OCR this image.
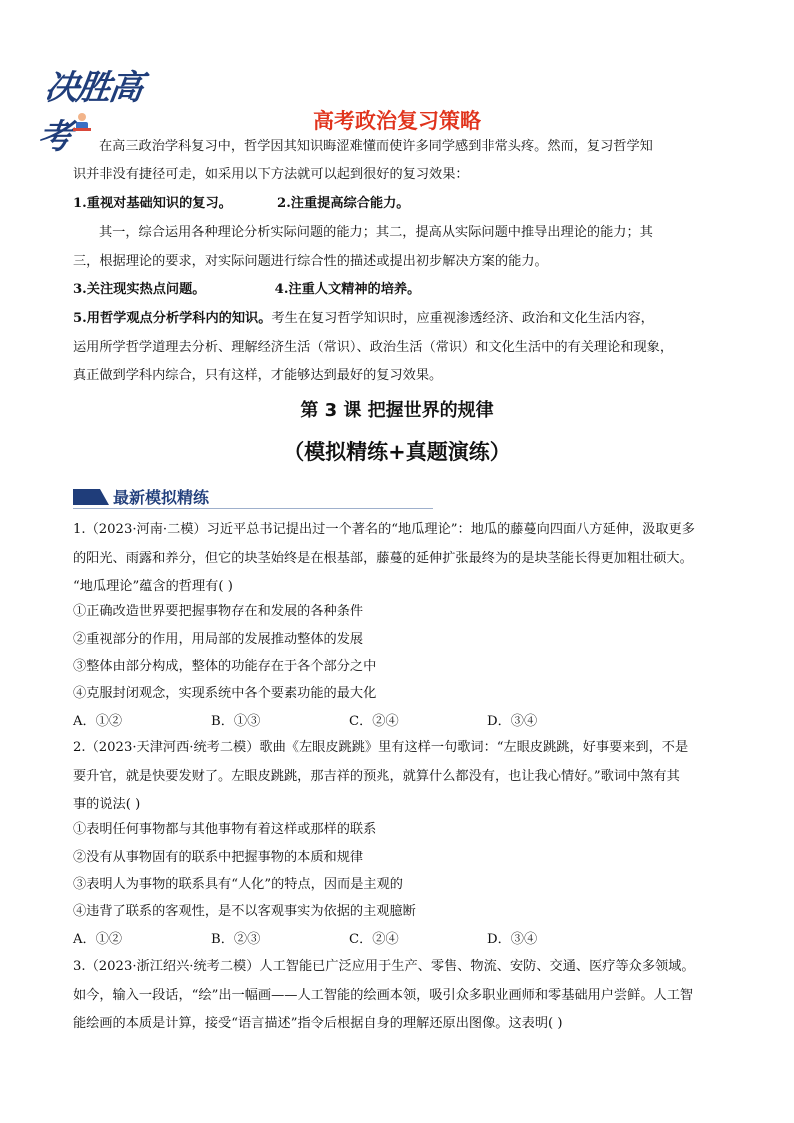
决胜高考	高考政治复习策略
在高三政治学科复习中，哲学因其知识晦涩难懂而使许多同学感到非常头疼。然而，复习哲学知
识并非没有捷径可走，如采用以下方法就可以起到很好的复习效果：
1.重视对基础知识的复习。	2.注重提高综合能力。
其一，综合运用各种理论分析实际问题的能力；其二，提高从实际问题中推导出理论的能力；其
三，根据理论的要求，对实际问题进行综合性的描述或提出初步解决方案的能力。
3.关注现实热点问题。	4.注重人文精神的培养。
5.用哲学观点分析学科内的知识。考生在复习哲学知识时，应重视渗透经济、政治和文化生活内容，
运用所学哲学道理去分析、理解经济生活（常识）、政治生活（常识）和文化生活中的有关理论和现象，
真正做到学科内综合，只有这样，才能够达到最好的复习效果。
第 3 课 把握世界的规律
（模拟精练+真题演练）
最新模拟精练
1.（2023·河南·二模）习近平总书记提出过一个著名的“地瓜理论”：地瓜的藤蔓向四面八方延伸，汲取更多
的阳光、雨露和养分，但它的块茎始终是在根基部，藤蔓的延伸扩张最终为的是块茎能长得更加粗壮硕大。
“地瓜理论”蕴含的哲理有( )
①正确改造世界要把握事物存在和发展的各种条件
②重视部分的作用，用局部的发展推动整体的发展
③整体由部分构成，整体的功能存在于各个部分之中
④克服封闭观念，实现系统中各个要素功能的最大化
A．①②	B．①③	C．②④	D．③④
2.（2023·天津河西·统考二模）歌曲《左眼皮跳跳》里有这样一句歌词：“左眼皮跳跳，好事要来到，不是
要升官，就是快要发财了。左眼皮跳跳，那吉祥的预兆，就算什么都没有，也让我心情好。”歌词中煞有其
事的说法( )
①表明任何事物都与其他事物有着这样或那样的联系
②没有从事物固有的联系中把握事物的本质和规律
③表明人为事物的联系具有“人化”的特点，因而是主观的
④违背了联系的客观性，是不以客观事实为依据的主观臆断
A．①②	B．②③	C．②④	D．③④
3.（2023·浙江绍兴·统考二模）人工智能已广泛应用于生产、零售、物流、安防、交通、医疗等众多领域。
如今，输入一段话，“绘”出一幅画——人工智能的绘画本领，吸引众多职业画师和零基础用户尝鲜。人工智
能绘画的本质是计算，接受“语言描述”指令后根据自身的理解还原出图像。这表明( )
